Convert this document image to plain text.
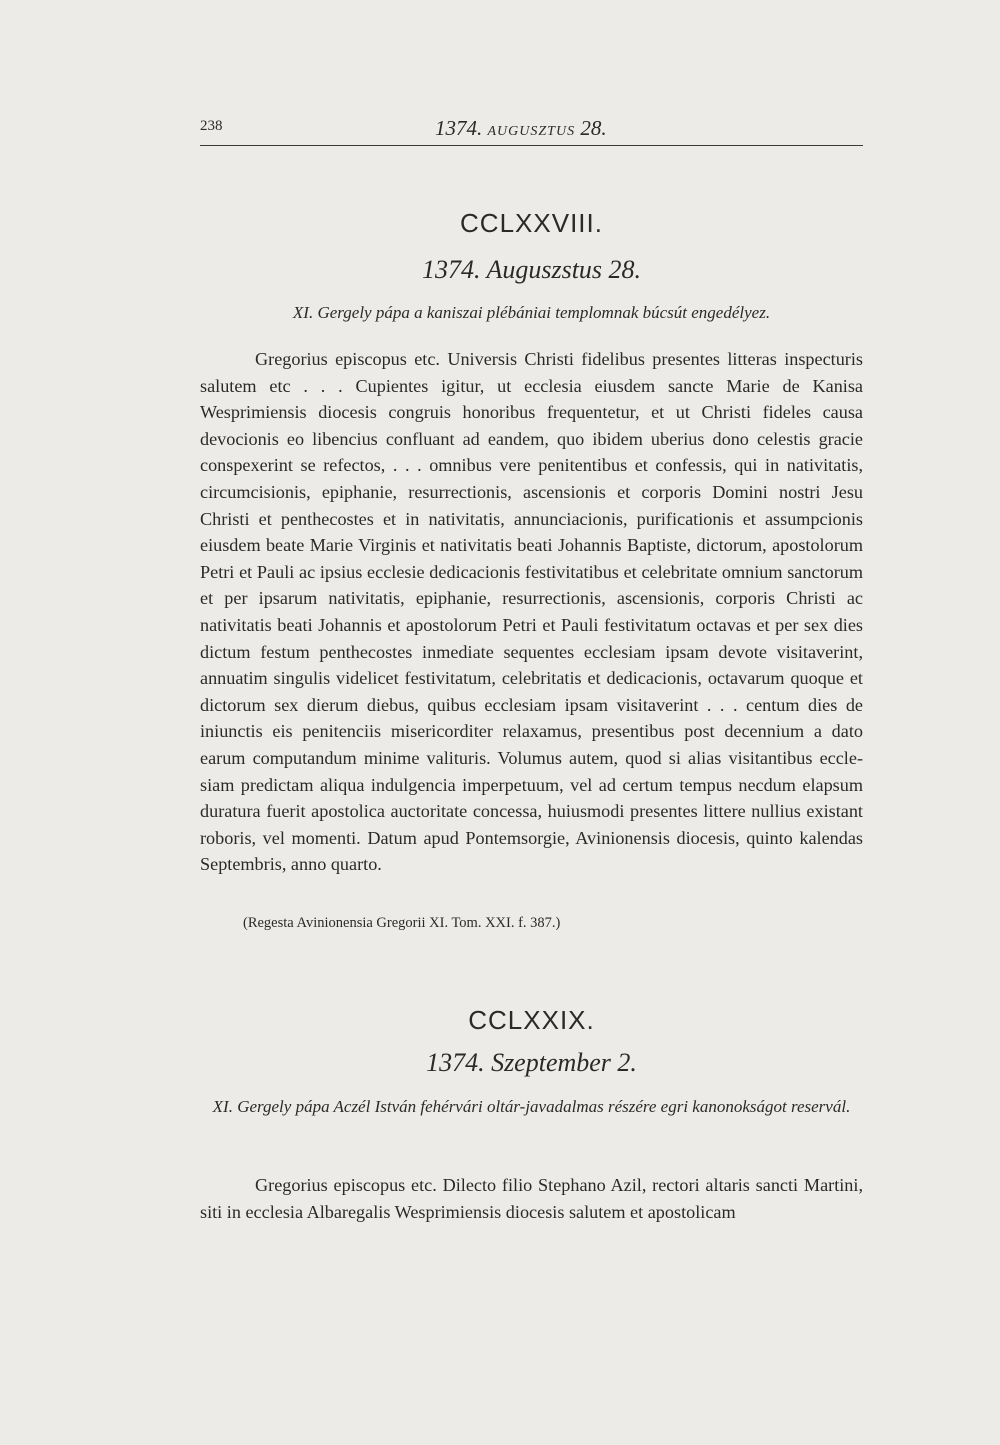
238	1374. AUGUSZTUS 28.
CCLXXVIII.
1374. Auguszstus 28.
XI. Gergely pápa a kaniszai plébániai templomnak búcsút engedélyez.

Gregorius episcopus etc. Universis Christi fidelibus presentes litteras inspecturis salutem etc . . . Cupientes igitur, ut ecclesia eiusdem sancte Marie de Kanisa Wesprimiensis diocesis congruis honoribus frequentetur, et ut Christi fideles causa devocionis eo libencius confluant ad eandem, quo ibidem uberius dono celestis gracie conspexerint se refectos, . . . omnibus vere penitentibus et confessis, qui in nativitatis, circumcisionis, epiphanie, resurrectionis, ascensionis et corporis Domini nostri Jesu Christi et penthecostes et in nativitatis, annunciacionis, purificationis et assumpcionis eiusdem beate Marie Virginis et nativitatis beati Johannis Baptiste, dictorum, apostolorum Petri et Pauli ac ipsius ecclesie dedicacionis festivitatibus et celebritate omnium sanctorum et per ipsarum nativitatis, epiphanie, resurrectionis, ascensionis, corporis Christi ac nativitatis beati Johannis et apostolorum Petri et Pauli festivitatum octavas et per sex dies dictum festum penthecostes inmediate sequentes ecclesiam ipsam devote visitaverint, annuatim singulis videlicet festivitatum, celebritatis et dedicacionis, octavarum quoque et dictorum sex dierum diebus, quibus ecclesiam ipsam visitaverint . . . centum dies de iniunctis eis penitenciis misericorditer relaxamus, presentibus post decennium a dato earum computandum minime valituris. Volumus autem, quod si alias visitantibus ecclesiam predictam aliqua indulgencia imperpetuum, vel ad certum tempus necdum elapsum duratura fuerit apostolica auctoritate concessa, huiusmodi presentes littere nullius existant roboris, vel momenti. Datum apud Pontemsorgie, Avinionensis diocesis, quinto kalendas Septembris, anno quarto.

(Regesta Avinionensia Gregorii XI. Tom. XXI. f. 387.)
CCLXXIX.
1374. Szeptember 2.
XI. Gergely pápa Aczél István fehérvári oltár-javadalmas részére egri kanonokságot reservál.

Gregorius episcopus etc. Dilecto filio Stephano Azil, rectori altaris sancti Martini, siti in ecclesia Albaregalis Wesprimiensis diocesis salutem et apostolicam
